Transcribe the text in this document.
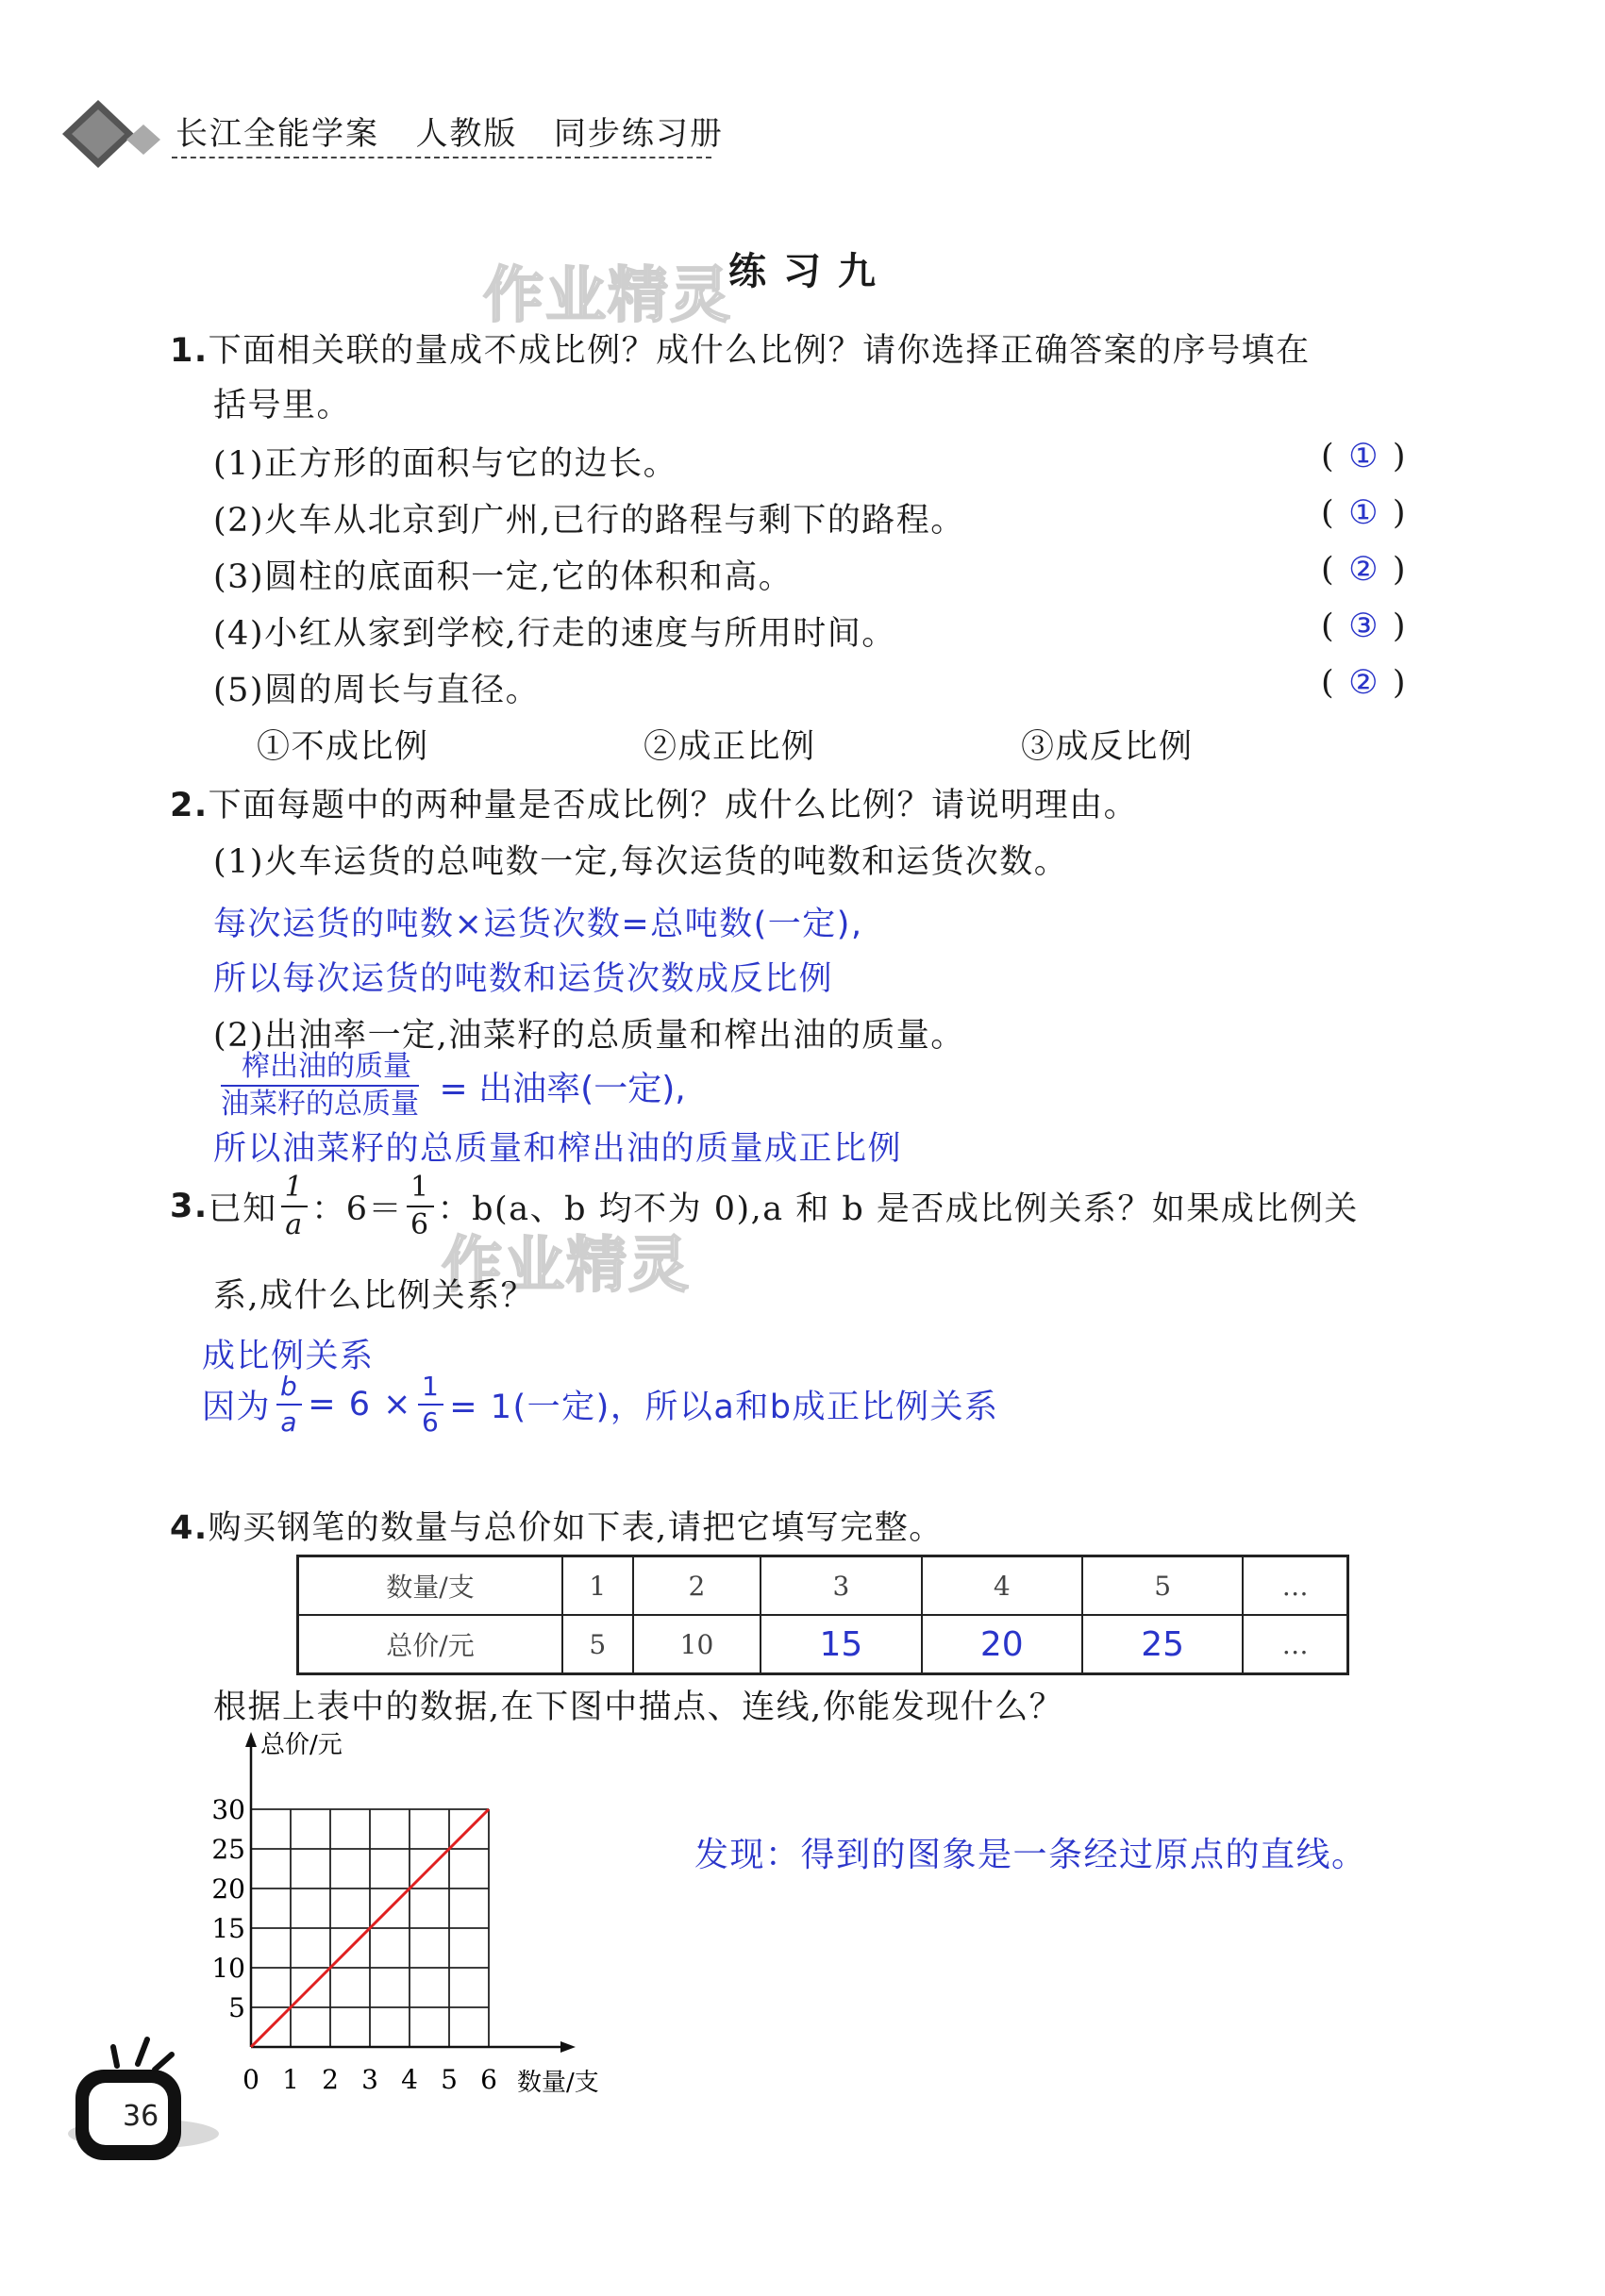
长江全能学案 人教版 同步练习册
作业精灵
练习九
1.下面相关联的量成不成比例？成什么比例？请你选择正确答案的序号填在
括号里。
(1)正方形的面积与它的边长。	( ① )
(2)火车从北京到广州,已行的路程与剩下的路程。	( ① )
(3)圆柱的底面积一定,它的体积和高。	( ② )
(4)小红从家到学校,行走的速度与所用时间。	( ③ )
(5)圆的周长与直径。	( ② )
①不成比例	②成正比例	③成反比例
2.下面每题中的两种量是否成比例？成什么比例？请说明理由。
(1)火车运货的总吨数一定,每次运货的吨数和运货次数。
每次运货的吨数×运货次数=总吨数(一定),
所以每次运货的吨数和运货次数成反比例
(2)出油率一定,油菜籽的总质量和榨出油的质量。
$\frac{\text{榨出油的质量}}{\text{油菜籽的总质量}}$ = 出油率(一定),
所以油菜籽的总质量和榨出油的质量成正比例
3. 已知 $\frac{1}{a}$ ：$6= \frac{1}{6}$ ：b(a、b 均不为 0),a 和 b 是否成比例关系？如果成比例关
作业精灵
系,成什么比例关系？
成比例关系
因为 $\frac{b}{a} = 6 \times \frac{1}{6} = 1$(一定)，所以a和b成正比例关系
4.购买钢笔的数量与总价如下表,请把它填写完整。
数量/支	1	2	3	4	5	…
总价/元	5	10	15	20	25	…
根据上表中的数据,在下图中描点、连线,你能发现什么？
0 1 2 3 4 5 6
5
10
15
20
25
30
数量/支
总价/元
发现：得到的图象是一条经过原点的直线。
36
